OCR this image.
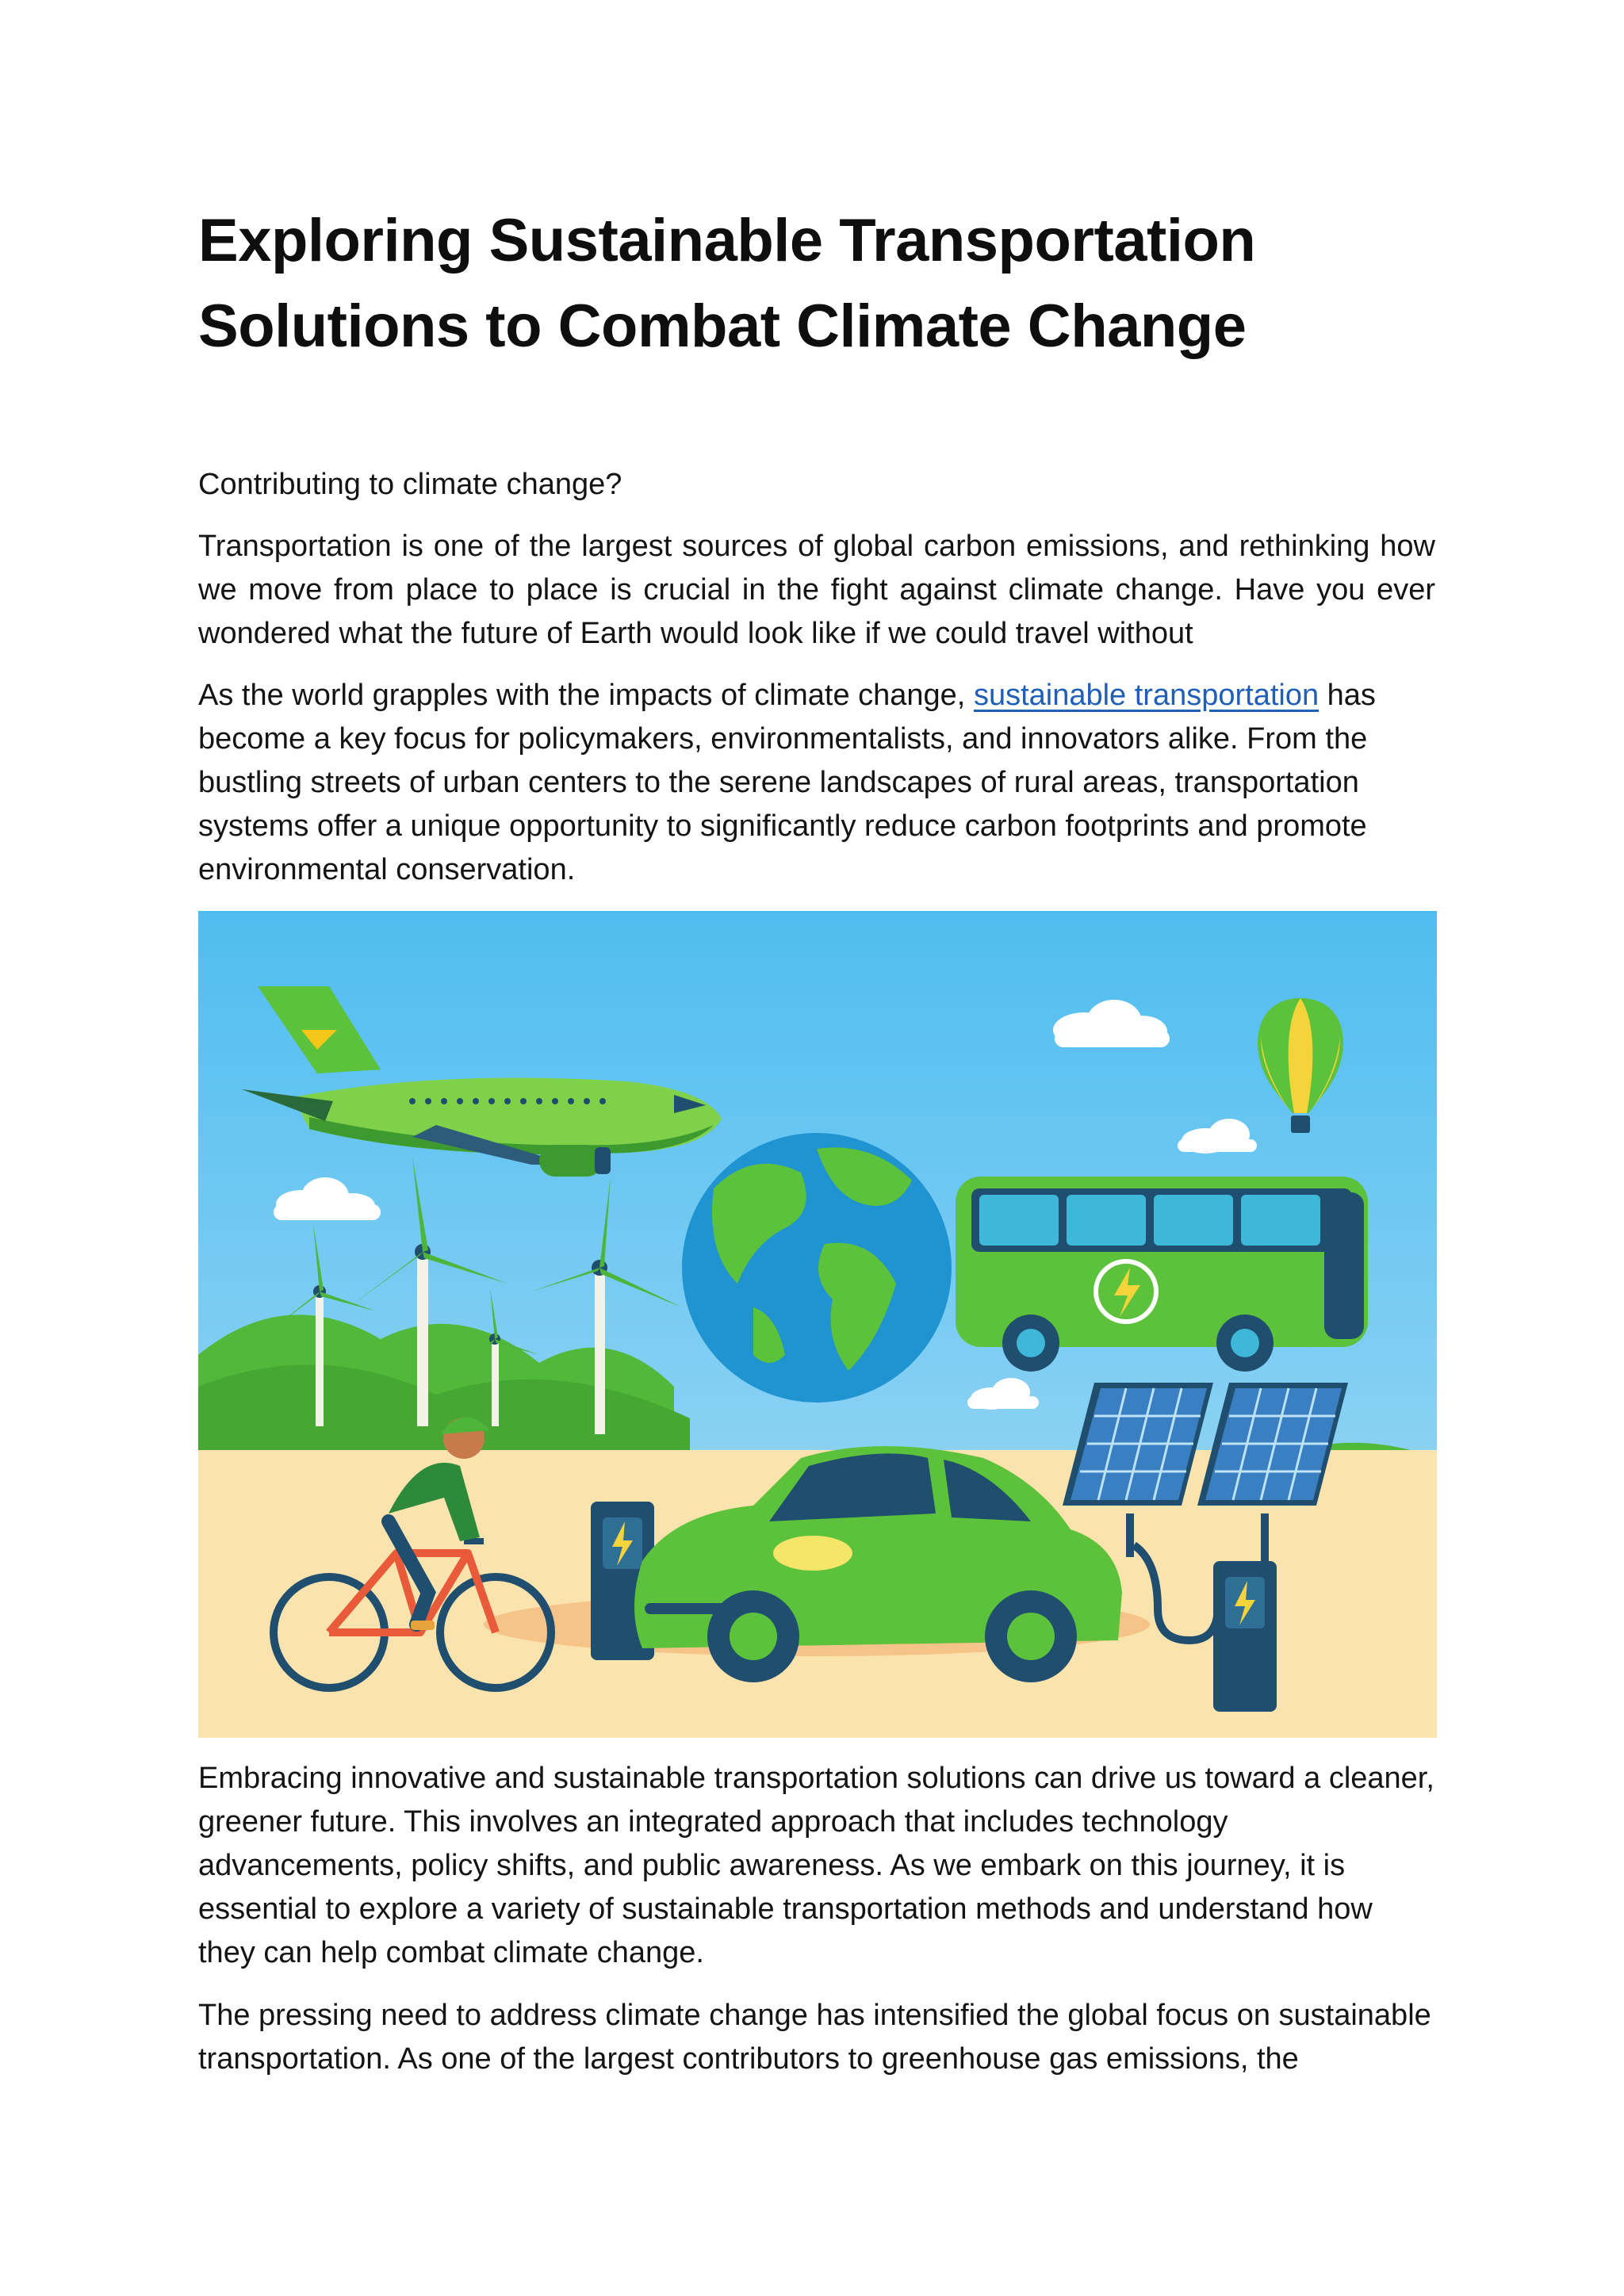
Exploring Sustainable Transportation Solutions to Combat Climate Change

Contributing to climate change?

Transportation is one of the largest sources of global carbon emissions, and rethinking how we move from place to place is crucial in the fight against climate change. Have you ever wondered what the future of Earth would look like if we could travel without

As the world grapples with the impacts of climate change, sustainable transportation has become a key focus for policymakers, environmentalists, and innovators alike. From the bustling streets of urban centers to the serene landscapes of rural areas, transportation systems offer a unique opportunity to significantly reduce carbon footprints and promote environmental conservation.

Embracing innovative and sustainable transportation solutions can drive us toward a cleaner, greener future. This involves an integrated approach that includes technology advancements, policy shifts, and public awareness. As we embark on this journey, it is essential to explore a variety of sustainable transportation methods and understand how they can help combat climate change.

The pressing need to address climate change has intensified the global focus on sustainable transportation. As one of the largest contributors to greenhouse gas emissions, the
